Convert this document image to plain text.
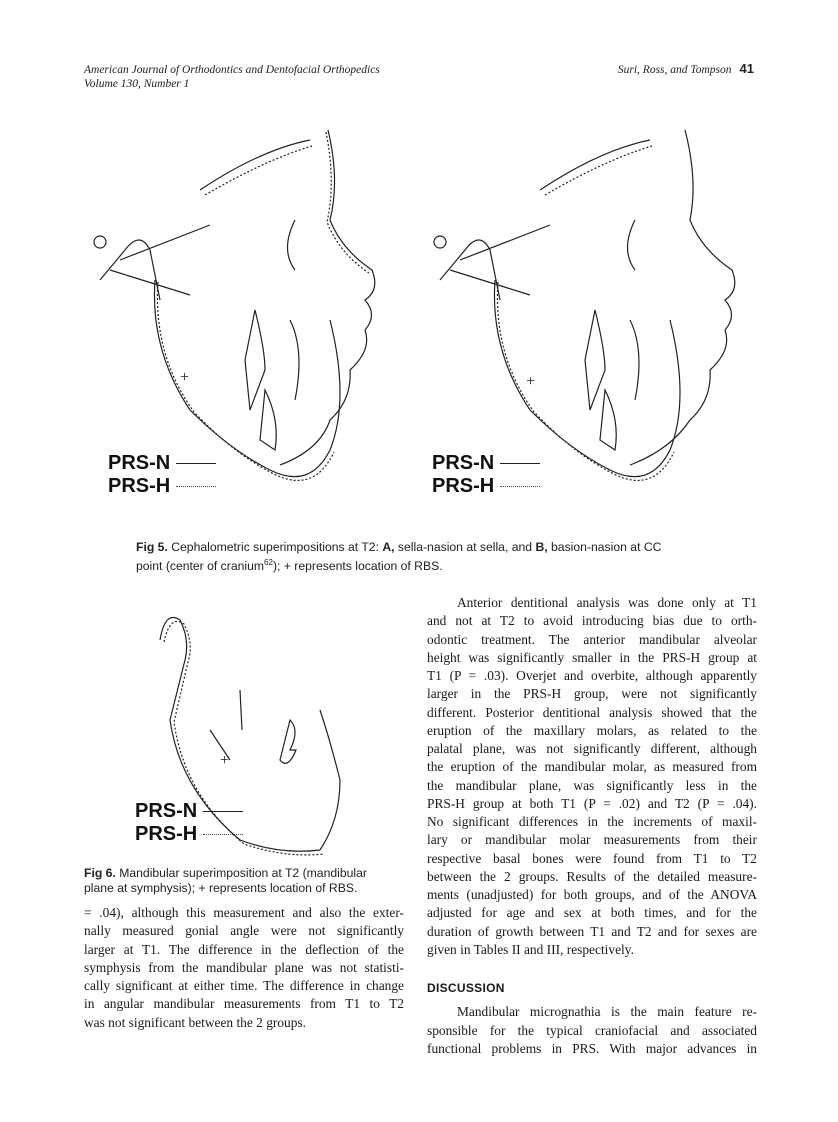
American Journal of Orthodontics and Dentofacial Orthopedics
Volume 130, Number 1
Suri, Ross, and Tompson 41
+
PRS-N
PRS-H
+
PRS-N
PRS-H
Fig 5. Cephalometric superimpositions at T2: A, sella-nasion at sella, and B, basion-nasion at CC
point (center of cranium$^{62}$); + represents location of RBS.
+
PRS-N
PRS-H
Fig 6. Mandibular superimposition at T2 (mandibular
plane at symphysis); + represents location of RBS.
= .04), although this measurement and also the exter-
nally measured gonial angle were not significantly
larger at T1. The difference in the deflection of the
symphysis from the mandibular plane was not statisti-
cally significant at either time. The difference in change
in angular mandibular measurements from T1 to T2
was not significant between the 2 groups.
Anterior dentitional analysis was done only at T1
and not at T2 to avoid introducing bias due to orth-
odontic treatment. The anterior mandibular alveolar
height was significantly smaller in the PRS-H group at
T1 (P = .03). Overjet and overbite, although apparently
larger in the PRS-H group, were not significantly
different. Posterior dentitional analysis showed that the
eruption of the maxillary molars, as related to the
palatal plane, was not significantly different, although
the eruption of the mandibular molar, as measured from
the mandibular plane, was significantly less in the
PRS-H group at both T1 (P = .02) and T2 (P = .04).
No significant differences in the increments of maxil-
lary or mandibular molar measurements from their
respective basal bones were found from T1 to T2
between the 2 groups. Results of the detailed measure-
ments (unadjusted) for both groups, and of the ANOVA
adjusted for age and sex at both times, and for the
duration of growth between T1 and T2 and for sexes are
given in Tables II and III, respectively.
DISCUSSION
Mandibular micrognathia is the main feature re-
sponsible for the typical craniofacial and associated
functional problems in PRS. With major advances in
